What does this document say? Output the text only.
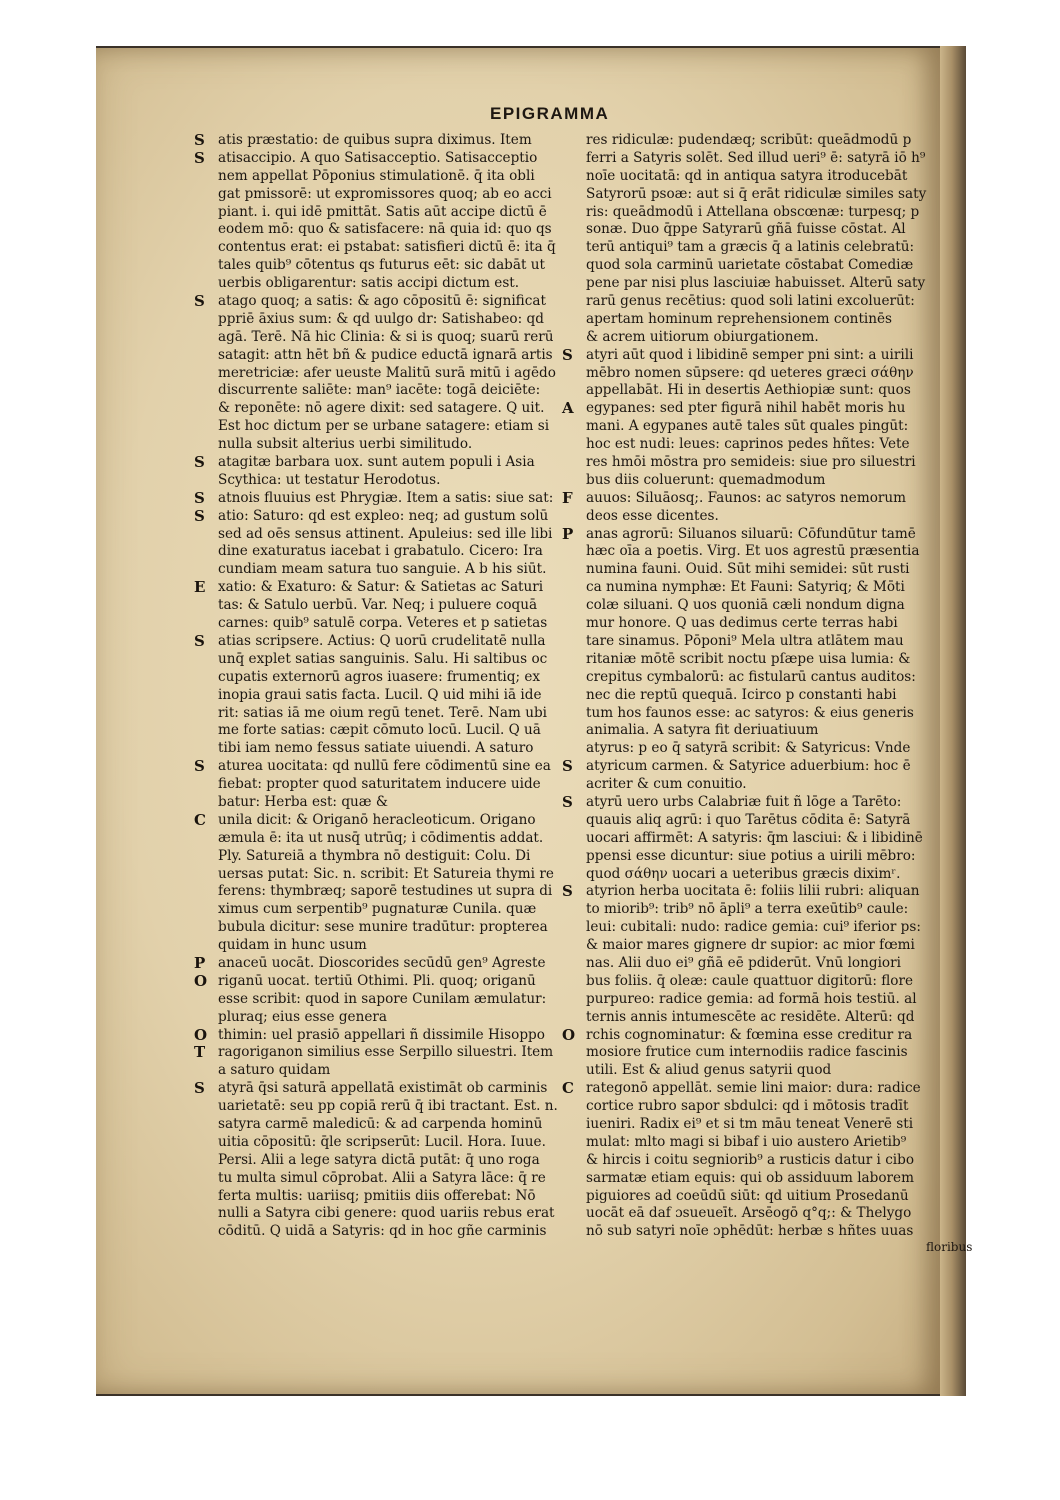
EPIGRAMMA
S atis præstatio: de quibus supra diximus. Item
S atisaccipio. A quo Satisacceptio. Satisacceptio
nem appellat Pōponius stimulationē. q̄ ita obli
gat pmissorē: ut expromissores quoq; ab eo acci
piant. i. qui idē pmittāt. Satis aūt accipe dictū ē
eodem mō: quo & satisfacere: nā quia id: quo qs
contentus erat: ei pstabat: satisfieri dictū ē: ita q̄
tales quib⁹ cōtentus qs futurus eēt: sic dabāt ut
uerbis obligarentur: satis accipi dictum est.
S atago quoq; a satis: & ago cōpositū ē: significat
ppriē āxius sum: & qd uulgo dr: Satishabeo: qd
agā. Terē. Nā hic Clinia: & si is quoq; suarū rerū
satagit: attn hēt bñ & pudice eductā ignarā artis
meretriciæ: afer ueuste Malitū surā mitū i agēdo
discurrente saliēte: man⁹ iacēte: togā deiciēte:
& reponēte: nō agere dixit: sed satagere. Q uit.
Est hoc dictum per se urbane satagere: etiam si
nulla subsit alterius uerbi similitudo.
S atagitæ barbara uox. sunt autem populi i Asia
Scythica: ut testatur Herodotus.
S atnois fluuius est Phrygiæ. Item a satis: siue sat:
S atio: Saturo: qd est expleo: neq; ad gustum solū
sed ad oēs sensus attinent. Apuleius: sed ille libi
dine exaturatus iacebat i grabatulo. Cicero: Ira
cundiam meam satura tuo sanguie. A b his siūt.
E xatio: & Exaturo: & Satur: & Satietas ac Saturi
tas: & Satulo uerbū. Var. Neq; i puluere coquā
carnes: quib⁹ satulē corpa. Veteres et p satietas
S atias scripsere. Actius: Q uorū crudelitatē nulla
unq̄ explet satias sanguinis. Salu. Hi saltibus oc
cupatis externorū agros iuasere: frumentiq; ex
inopia graui satis facta. Lucil. Q uid mihi iā ide
rit: satias iā me oium regū tenet. Terē. Nam ubi
me forte satias: cæpit cōmuto locū. Lucil. Q uā
tibi iam nemo fessus satiate uiuendi. A saturo
S aturea uocitata: qd nullū fere cōdimentū sine ea
fiebat: propter quod saturitatem inducere uide
batur: Herba est: quæ &
C unila dicit: & Origanō heracleoticum. Origano
æmula ē: ita ut nusq̄ utrūq; i cōdimentis addat.
Ply. Satureiā a thymbra nō destiguit: Colu. Di
uersas putat: Sic. n. scribit: Et Satureia thymi re
ferens: thymbræq; saporē testudines ut supra di
ximus cum serpentib⁹ pugnaturæ Cunila. quæ
bubula dicitur: sese munire tradūtur: propterea
quidam in hunc usum
P anaceū uocāt. Dioscorides secūdū gen⁹ Agreste
O riganū uocat. tertiū Othimi. Pli. quoq; origanū
esse scribit: quod in sapore Cunilam æmulatur:
pluraq; eius esse genera
O thimin: uel prasiō appellari ñ dissimile Hisoppo
T ragoriganon similius esse Serpillo siluestri. Item
a saturo quidam
S atyrā q̄si saturā appellatā existimāt ob carminis
uarietatē: seu pp copiā rerū q̄ ibi tractant. Est. n.
satyra carmē maledicū: & ad carpenda hominū
uitia cōpositū: q̄le scripserūt: Lucil. Hora. Iuue.
Persi. Alii a lege satyra dictā putāt: q̄ uno roga
tu multa simul cōprobat. Alii a Satyra lāce: q̄ re
ferta multis: uariisq; pmitiis diis offerebat: Nō
nulli a Satyra cibi genere: quod uariis rebus erat
cōditū. Q uidā a Satyris: qd in hoc gñe carminis
res ridiculæ: pudendæq; scribūt: queādmodū p
ferri a Satyris solēt. Sed illud ueri⁹ ē: satyrā iō h⁹
noīe uocitatā: qd in antiqua satyra itroducebāt
Satyrorū psoæ: aut si q̄ erāt ridiculæ similes saty
ris: queādmodū i Attellana obscœnæ: turpesq; p
sonæ. Duo q̄ppe Satyrarū gñā fuisse cōstat. Al
terū antiqui⁹ tam a græcis q̄ a latinis celebratū:
quod sola carminū uarietate cōstabat Comediæ
pene par nisi plus lasciuiæ habuisset. Alterū saty
rarū genus recētius: quod soli latini excoluerūt:
apertam hominum reprehensionem continēs
& acrem uitiorum obiurgationem.
S atyri aūt quod i libidinē semper pni sint: a uirili
mēbro nomen sūpsere: qd ueteres græci σάθην
appellabāt. Hi in desertis Aethiopiæ sunt: quos
A egypanes: sed pter figurā nihil habēt moris hu
mani. A egypanes autē tales sūt quales pingūt:
hoc est nudi: leues: caprinos pedes hñtes: Vete
res hmōi mōstra pro semideis: siue pro siluestri
bus diis coluerunt: quemadmodum
F auuos: Siluāosq;. Faunos: ac satyros nemorum
deos esse dicentes.
P anas agrorū: Siluanos siluarū: Cōfundūtur tamē
hæc oīa a poetis. Virg. Et uos agrestū præsentia
numina fauni. Ouid. Sūt mihi semidei: sūt rusti
ca numina nymphæ: Et Fauni: Satyriq; & Mōti
colæ siluani. Q uos quoniā cæli nondum digna
mur honore. Q uas dedimus certe terras habi
tare sinamus. Pōponi⁹ Mela ultra atlātem mau
ritaniæ mōtē scribit noctu pſæpe uisa lumia: &
crepitus cymbalorū: ac fistularū cantus auditos:
nec die reptū quequā. Icirco p constanti habi
tum hos faunos esse: ac satyros: & eius generis
animalia. A satyra fit deriuatiuum
atyrus: p eo q̄ satyrā scribit: & Satyricus: Vnde
S atyricum carmen. & Satyrice aduerbium: hoc ē
acriter & cum conuitio.
S atyrū uero urbs Calabriæ fuit ñ lōge a Tarēto:
quauis aliq agrū: i quo Tarētus cōdita ē: Satyrā
uocari affirmēt: A satyris: q̄m lasciui: & i libidinē
ppensi esse dicuntur: siue potius a uirili mēbro:
quod σάθην uocari a ueteribus græcis diximʳ.
S atyrion herba uocitata ē: foliis lilii rubri: aliquan
to miorib⁹: trib⁹ nō āpli⁹ a terra exeūtib⁹ caule:
leui: cubitali: nudo: radice gemia: cui⁹ iferior ps:
& maior mares gignere dr supior: ac mior fœmi
nas. Alii duo ei⁹ gñā eē pdiderūt. Vnū longiori
bus foliis. q̄ oleæ: caule quattuor digitorū: flore
purpureo: radice gemia: ad formā hois testiū. al
ternis annis intumescēte ac residēte. Alterū: qd
O rchis cognominatur: & fœmina esse creditur ra
mosiore frutice cum internodiis radice fascinis
utili. Est & aliud genus satyrii quod
C rategonō appellāt. semie lini maior: dura: radice
cortice rubro sapor sbdulci: qd i mōtosis tradīt
iueniri. Radix ei⁹ et si tm māu teneat Venerē sti
mulat: mlto magi si bibaf i uio austero Arietib⁹
& hircis i coitu segniorib⁹ a rusticis datur i cibo
sarmatæ etiam equis: qui ob assiduum laborem
piguiores ad coeūdū siūt: qd uitium Prosedanū
uocāt eā daf ɔsueueīt. Arsēogō q°q;: & Thelygo
nō sub satyri noīe ɔphēdūt: herbæ s hñtes uuas
floribus
